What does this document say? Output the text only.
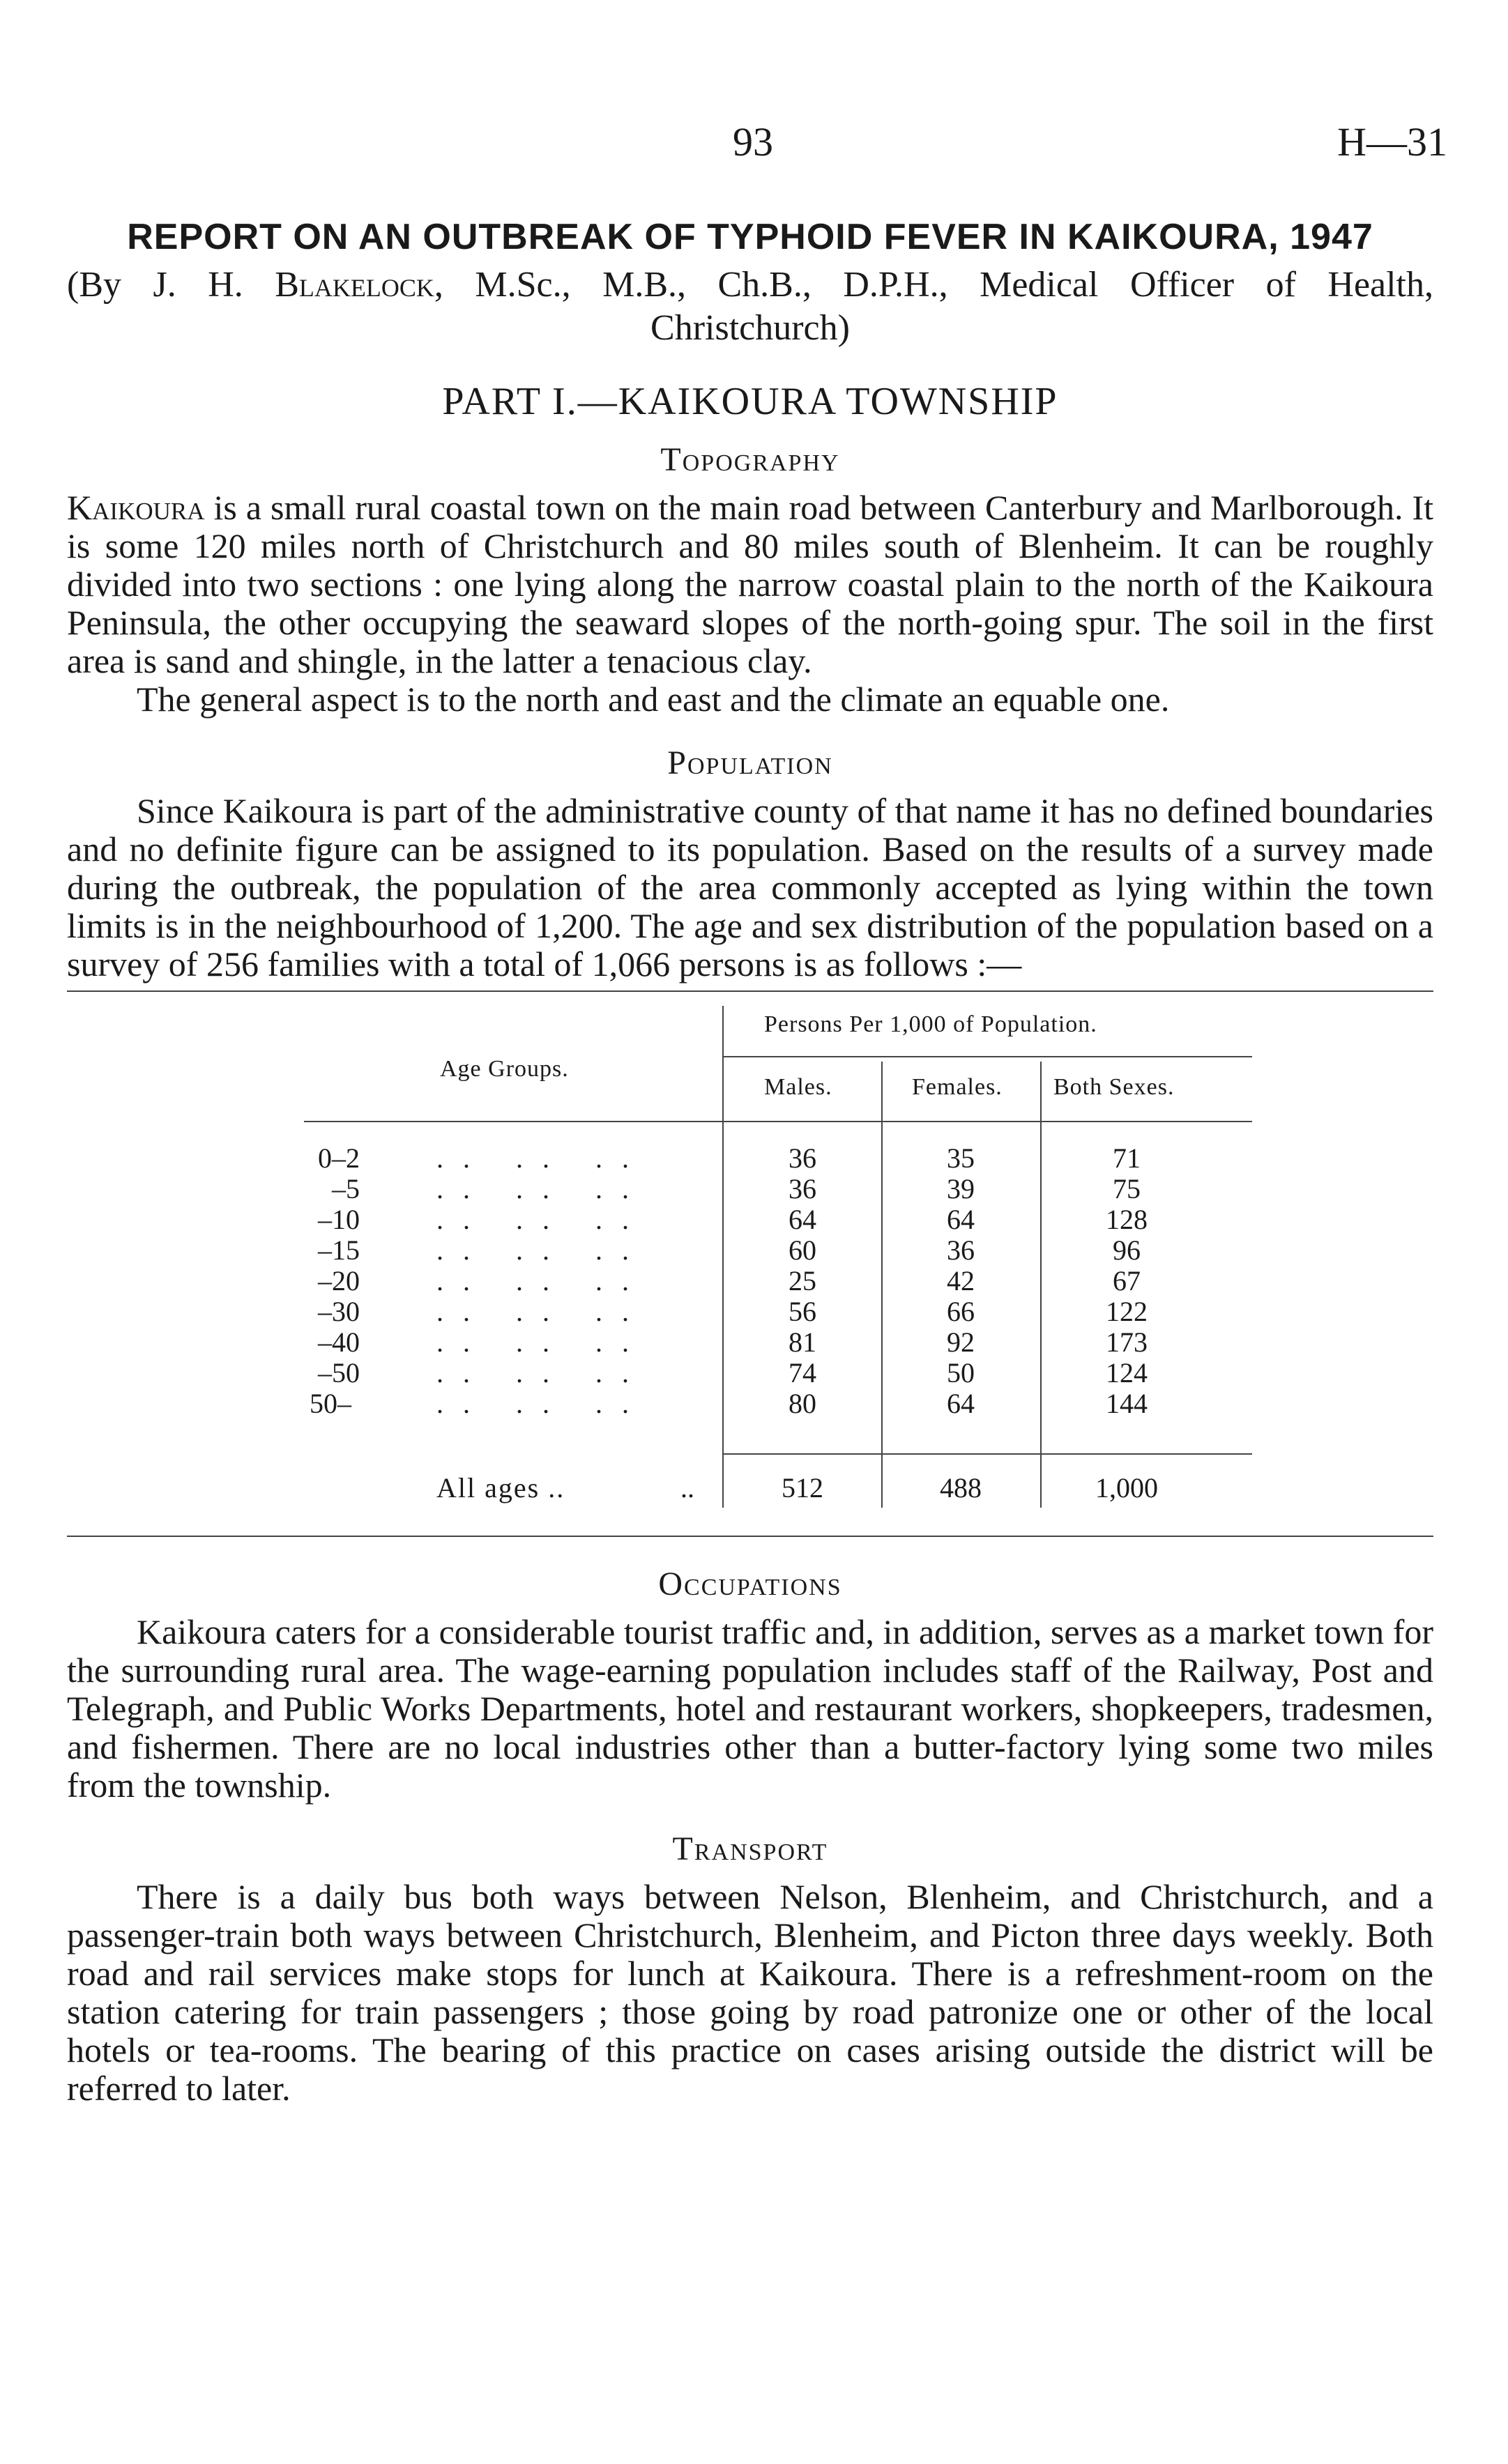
93	H—31
REPORT ON AN OUTBREAK OF TYPHOID FEVER IN KAIKOURA, 1947
(By J. H. Blakelock, M.Sc., M.B., Ch.B., D.P.H., Medical Officer of Health,
Christchurch)
PART I.—KAIKOURA TOWNSHIP
Topography

Kaikoura is a small rural coastal town on the main road between Canterbury and Marlborough. It is some 120 miles north of Christchurch and 80 miles south of Blenheim. It can be roughly divided into two sections : one lying along the narrow coastal plain to the north of the Kaikoura Peninsula, the other occupying the seaward slopes of the north-going spur. The soil in the first area is sand and shingle, in the latter a tenacious clay.

The general aspect is to the north and east and the climate an equable one.

Population

Since Kaikoura is part of the administrative county of that name it has no defined boundaries and no definite figure can be assigned to its population. Based on the results of a survey made during the outbreak, the population of the area commonly accepted as lying within the town limits is in the neighbourhood of 1,200. The age and sex distribution of the population based on a survey of 256 families with a total of 1,066 persons is as follows :—

Age Groups.
Persons Per 1,000 of Population.
Males.	Females. Both Sexes.
0–2	.. .. ..	36	35	71
–5	.. .. ..	36	39	75
–10	.. .. ..	64	64	128
–15	.. .. ..	60	36	96
–20	.. .. ..	25	42	67
–30	.. .. ..	56	66	122
–40	.. .. ..	81	92	173
–50	.. .. ..	74	50	124
50–	.. .. ..	80	64	144
All ages ..	..	512	488	1,000
Occupations

Kaikoura caters for a considerable tourist traffic and, in addition, serves as a market town for the surrounding rural area. The wage-earning population includes staff of the Railway, Post and Telegraph, and Public Works Departments, hotel and restaurant workers, shopkeepers, tradesmen, and fishermen. There are no local industries other than a butter-factory lying some two miles from the township.

Transport

There is a daily bus both ways between Nelson, Blenheim, and Christchurch, and a passenger-train both ways between Christchurch, Blenheim, and Picton three days weekly. Both road and rail services make stops for lunch at Kaikoura. There is a refreshment-room on the station catering for train passengers ; those going by road patronize one or other of the local hotels or tea-rooms. The bearing of this practice on cases arising outside the district will be referred to later.
